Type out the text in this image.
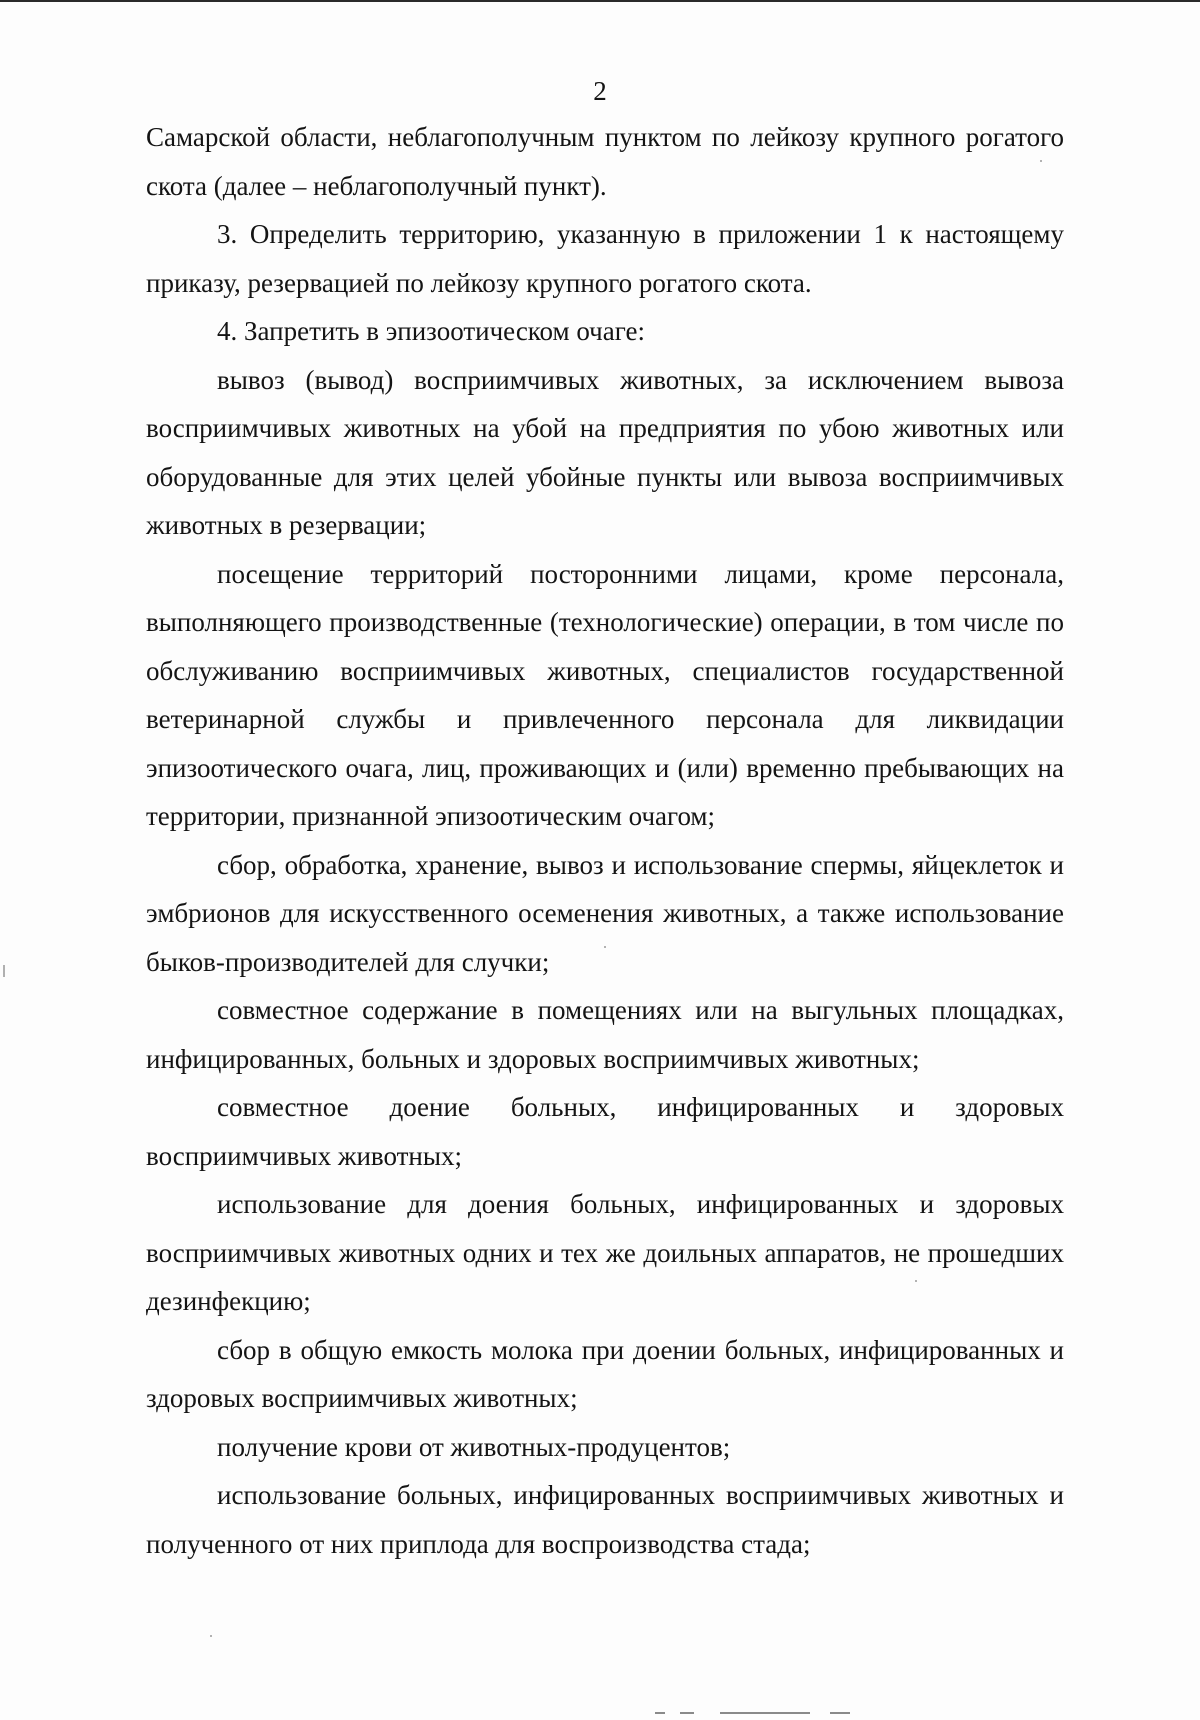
2

Самарской области, неблагополучным пунктом по лейкозу крупного рогатого скота (далее – неблагополучный пункт).

3. Определить территорию, указанную в приложении 1 к настоящему приказу, резервацией по лейкозу крупного рогатого скота.

4. Запретить в эпизоотическом очаге:

вывоз (вывод) восприимчивых животных, за исключением вывоза восприимчивых животных на убой на предприятия по убою животных или оборудованные для этих целей убойные пункты или вывоза восприимчивых животных в резервации;

посещение территорий посторонними лицами, кроме персонала, выполняющего производственные (технологические) операции, в том числе по обслуживанию восприимчивых животных, специалистов государственной ветеринарной службы и привлеченного персонала для ликвидации эпизоотического очага, лиц, проживающих и (или) временно пребывающих на территории, признанной эпизоотическим очагом;

сбор, обработка, хранение, вывоз и использование спермы, яйцеклеток и эмбрионов для искусственного осеменения животных, а также использование быков-производителей для случки;

совместное содержание в помещениях или на выгульных площадках, инфицированных, больных и здоровых восприимчивых животных;

совместное доение больных, инфицированных и здоровых восприимчивых животных;

использование для доения больных, инфицированных и здоровых восприимчивых животных одних и тех же доильных аппаратов, не прошедших дезинфекцию;

сбор в общую емкость молока при доении больных, инфицированных и здоровых восприимчивых животных;

получение крови от животных-продуцентов;

использование больных, инфицированных восприимчивых животных и полученного от них приплода для воспроизводства стада;
